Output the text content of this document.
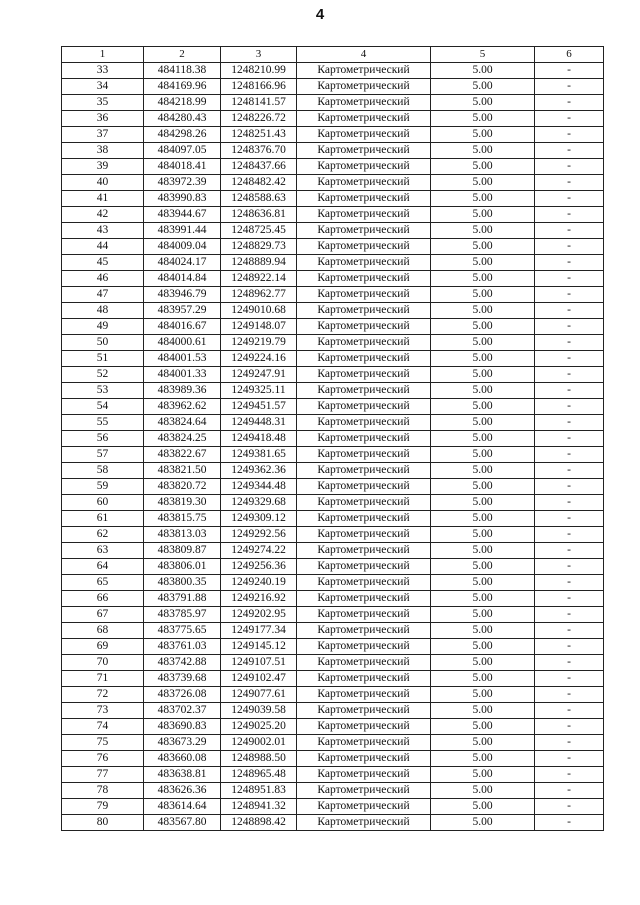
4
1	2	3	4	5	6
33	484118.38	1248210.99	Картометрический	5.00	-
34	484169.96	1248166.96	Картометрический	5.00	-
35	484218.99	1248141.57	Картометрический	5.00	-
36	484280.43	1248226.72	Картометрический	5.00	-
37	484298.26	1248251.43	Картометрический	5.00	-
38	484097.05	1248376.70	Картометрический	5.00	-
39	484018.41	1248437.66	Картометрический	5.00	-
40	483972.39	1248482.42	Картометрический	5.00	-
41	483990.83	1248588.63	Картометрический	5.00	-
42	483944.67	1248636.81	Картометрический	5.00	-
43	483991.44	1248725.45	Картометрический	5.00	-
44	484009.04	1248829.73	Картометрический	5.00	-
45	484024.17	1248889.94	Картометрический	5.00	-
46	484014.84	1248922.14	Картометрический	5.00	-
47	483946.79	1248962.77	Картометрический	5.00	-
48	483957.29	1249010.68	Картометрический	5.00	-
49	484016.67	1249148.07	Картометрический	5.00	-
50	484000.61	1249219.79	Картометрический	5.00	-
51	484001.53	1249224.16	Картометрический	5.00	-
52	484001.33	1249247.91	Картометрический	5.00	-
53	483989.36	1249325.11	Картометрический	5.00	-
54	483962.62	1249451.57	Картометрический	5.00	-
55	483824.64	1249448.31	Картометрический	5.00	-
56	483824.25	1249418.48	Картометрический	5.00	-
57	483822.67	1249381.65	Картометрический	5.00	-
58	483821.50	1249362.36	Картометрический	5.00	-
59	483820.72	1249344.48	Картометрический	5.00	-
60	483819.30	1249329.68	Картометрический	5.00	-
61	483815.75	1249309.12	Картометрический	5.00	-
62	483813.03	1249292.56	Картометрический	5.00	-
63	483809.87	1249274.22	Картометрический	5.00	-
64	483806.01	1249256.36	Картометрический	5.00	-
65	483800.35	1249240.19	Картометрический	5.00	-
66	483791.88	1249216.92	Картометрический	5.00	-
67	483785.97	1249202.95	Картометрический	5.00	-
68	483775.65	1249177.34	Картометрический	5.00	-
69	483761.03	1249145.12	Картометрический	5.00	-
70	483742.88	1249107.51	Картометрический	5.00	-
71	483739.68	1249102.47	Картометрический	5.00	-
72	483726.08	1249077.61	Картометрический	5.00	-
73	483702.37	1249039.58	Картометрический	5.00	-
74	483690.83	1249025.20	Картометрический	5.00	-
75	483673.29	1249002.01	Картометрический	5.00	-
76	483660.08	1248988.50	Картометрический	5.00	-
77	483638.81	1248965.48	Картометрический	5.00	-
78	483626.36	1248951.83	Картометрический	5.00	-
79	483614.64	1248941.32	Картометрический	5.00	-
80	483567.80	1248898.42	Картометрический	5.00	-
